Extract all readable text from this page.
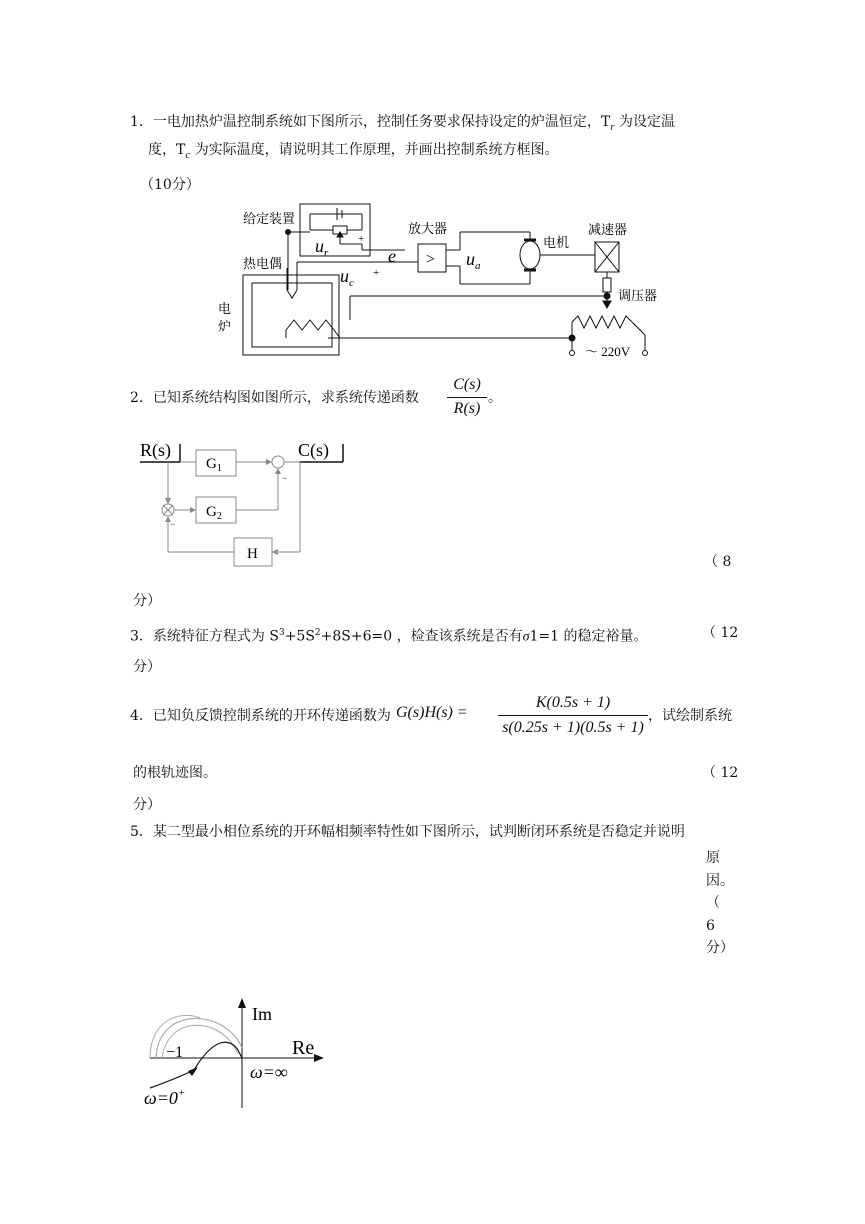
1．一电加热炉温控制系统如下图所示，控制任务要求保持设定的炉温恒定，$T_r$ 为设定温
度，$T_c$ 为实际温度，请说明其工作原理，并画出控制系统方框图。
（10分）
给定装置
$u_r$
+
热电偶	e
$u_c$
+
放大器
> $u_a$
电机
减速器
调压器
电
炉
～ 220V
2．已知系统结构图如图所示，求系统传递函数
C(s)
R(s)
。
R(s)	C(s)
$G_1$
$G_2$
H
−
−
（ 8
分）
3．系统特征方程式为 $S^3+5S^2+8S+6=0$ ，检查该系统是否有σ1=1 的稳定裕量。	（ 12
分）
4．已知负反馈控制系统的开环传递函数为 G(s)H(s) =
K(0.5s + 1)
s(0.25s + 1)(0.5s + 1)
，试绘制系统
的根轨迹图。	（ 12
分）
5．某二型最小相位系统的开环幅相频率特性如下图所示，试判断闭环系统是否稳定并说明
原
因。
（
6
分）
Im
Re
−1
ω=0+
ω=∞
